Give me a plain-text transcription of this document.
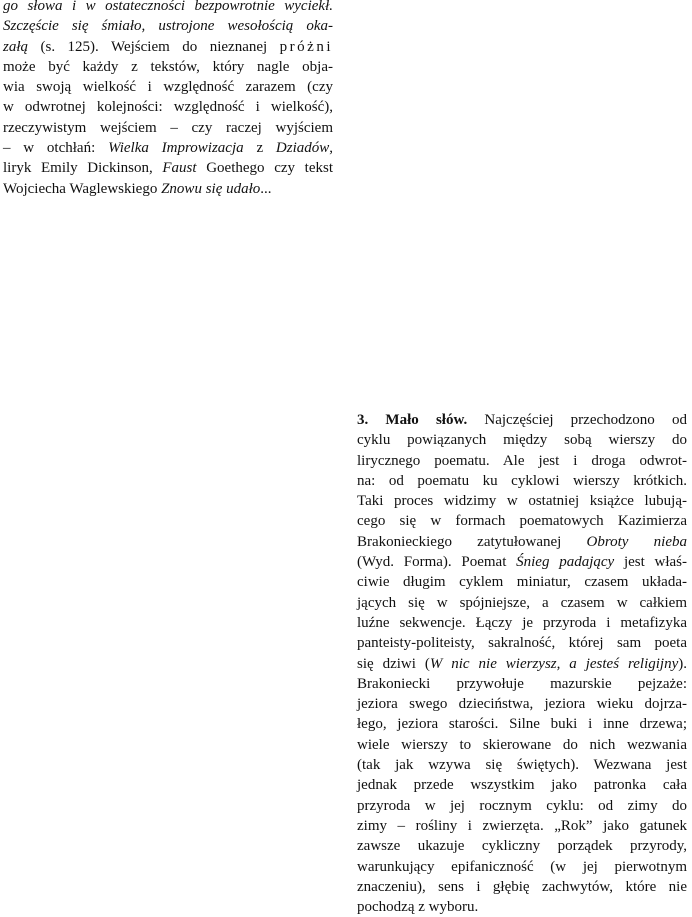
go słowa i w ostateczności bezpowrotnie wyciekł.
Szczęście się śmiało, ustrojone wesołością oka-
załą (s. 125). Wejściem do nieznanej próżni
może być każdy z tekstów, który nagle obja-
wia swoją wielkość i względność zarazem (czy
w odwrotnej kolejności: względność i wielkość),
rzeczywistym wejściem – czy raczej wyjściem
– w otchłań: Wielka Improwizacja z Dziadów,
liryk Emily Dickinson, Faust Goethego czy tekst
Wojciecha Waglewskiego Znowu się udało...
3. Mało słów. Najczęściej przechodzono od
cyklu powiązanych między sobą wierszy do
lirycznego poematu. Ale jest i droga odwrot-
na: od poematu ku cyklowi wierszy krótkich.
Taki proces widzimy w ostatniej książce lubują-
cego się w formach poematowych Kazimierza
Brakonieckiego zatytułowanej Obroty nieba
(Wyd. Forma). Poemat Śnieg padający jest właś-
ciwie długim cyklem miniatur, czasem układa-
jących się w spójniejsze, a czasem w całkiem
luźne sekwencje. Łączy je przyroda i metafizyka
panteisty-politeisty, sakralność, której sam poeta
się dziwi (W nic nie wierzysz, a jesteś religijny).
Brakoniecki przywołuje mazurskie pejzaże:
jeziora swego dzieciństwa, jeziora wieku dojrza-
łego, jeziora starości. Silne buki i inne drzewa;
wiele wierszy to skierowane do nich wezwania
(tak jak wzywa się świętych). Wezwana jest
jednak przede wszystkim jako patronka cała
przyroda w jej rocznym cyklu: od zimy do
zimy – rośliny i zwierzęta. „Rok” jako gatunek
zawsze ukazuje cykliczny porządek przyrody,
warunkujący epifaniczność (w jej pierwotnym
znaczeniu), sens i głębię zachwytów, które nie
pochodzą z wyboru.
